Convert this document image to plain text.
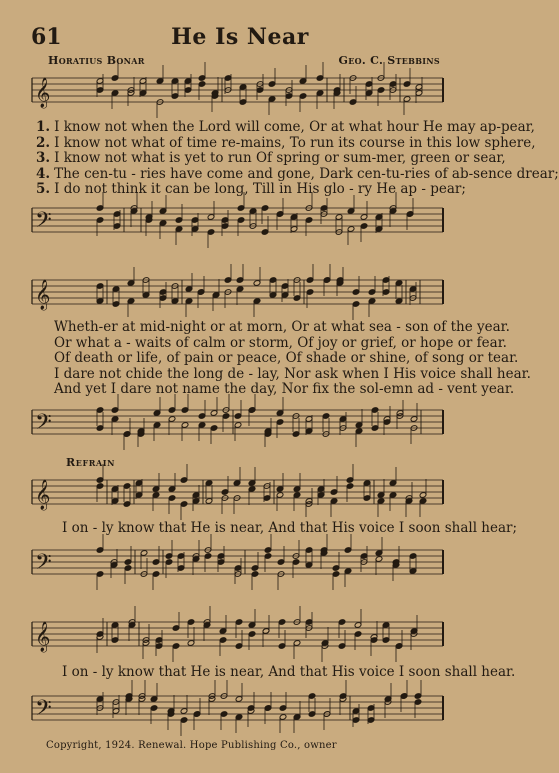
61	He Is Near
Horatius Bonar	Geo. C. Stebbins
𝄞
1. I know not when the Lord will come, Or at what hour He may ap-pear,
2. I know not what of time re-mains, To run its course in this low sphere,
3. I know not what is yet to run Of spring or sum-mer, green or sear,
4. The cen-tu - ries have come and gone, Dark cen-tu-ries of ab-sence drear;
5. I do not think it can be long, Till in His glo - ry He ap - pear;
𝄢
𝄞
Wheth-er at mid-night or at morn, Or at what sea - son of the year.
Or what a - waits of calm or storm, Of joy or grief, or hope or fear.
Of death or life, of pain or peace, Of shade or shine, of song or tear.
I dare not chide the long de - lay, Nor ask when I His voice shall hear.
And yet I dare not name the day, Nor fix the sol-emn ad - vent year.
𝄢
Refrain
𝄞
I on - ly know that He is near, And that His voice I soon shall hear;
𝄢
𝄞
I on - ly know that He is near, And that His voice I soon shall hear.
𝄢
Copyright, 1924. Renewal. Hope Publishing Co., owner
